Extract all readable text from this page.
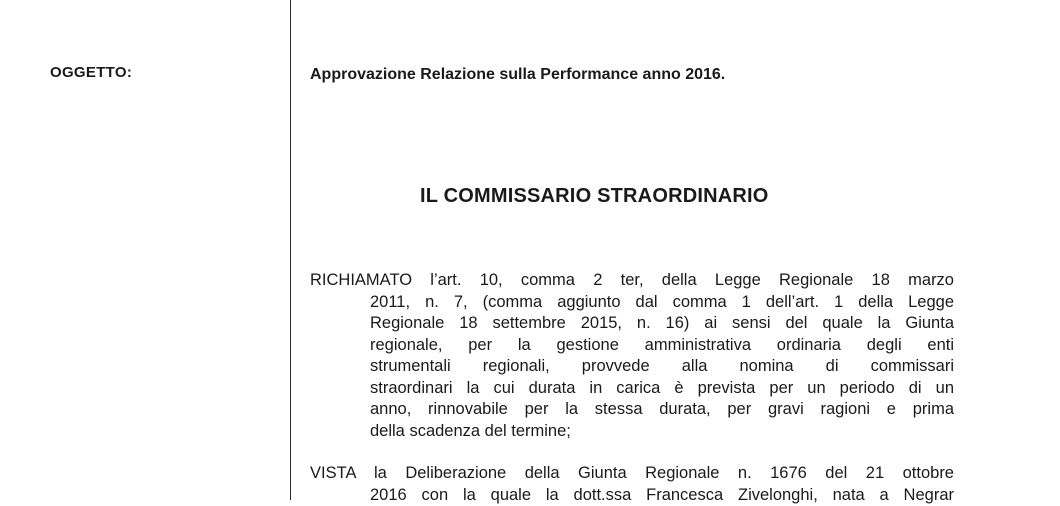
OGGETTO:	Approvazione Relazione sulla Performance anno 2016.
IL COMMISSARIO STRAORDINARIO
RICHIAMATO l’art. 10, comma 2 ter, della Legge Regionale 18 marzo
2011, n. 7, (comma aggiunto dal comma 1 dell’art. 1 della Legge
Regionale 18 settembre 2015, n. 16) ai sensi del quale la Giunta
regionale, per la gestione amministrativa ordinaria degli enti
strumentali regionali, provvede alla nomina di commissari
straordinari la cui durata in carica è prevista per un periodo di un
anno, rinnovabile per la stessa durata, per gravi ragioni e prima
della scadenza del termine;
VISTA la Deliberazione della Giunta Regionale n. 1676 del 21 ottobre
2016 con la quale la dott.ssa Francesca Zivelonghi, nata a Negrar
